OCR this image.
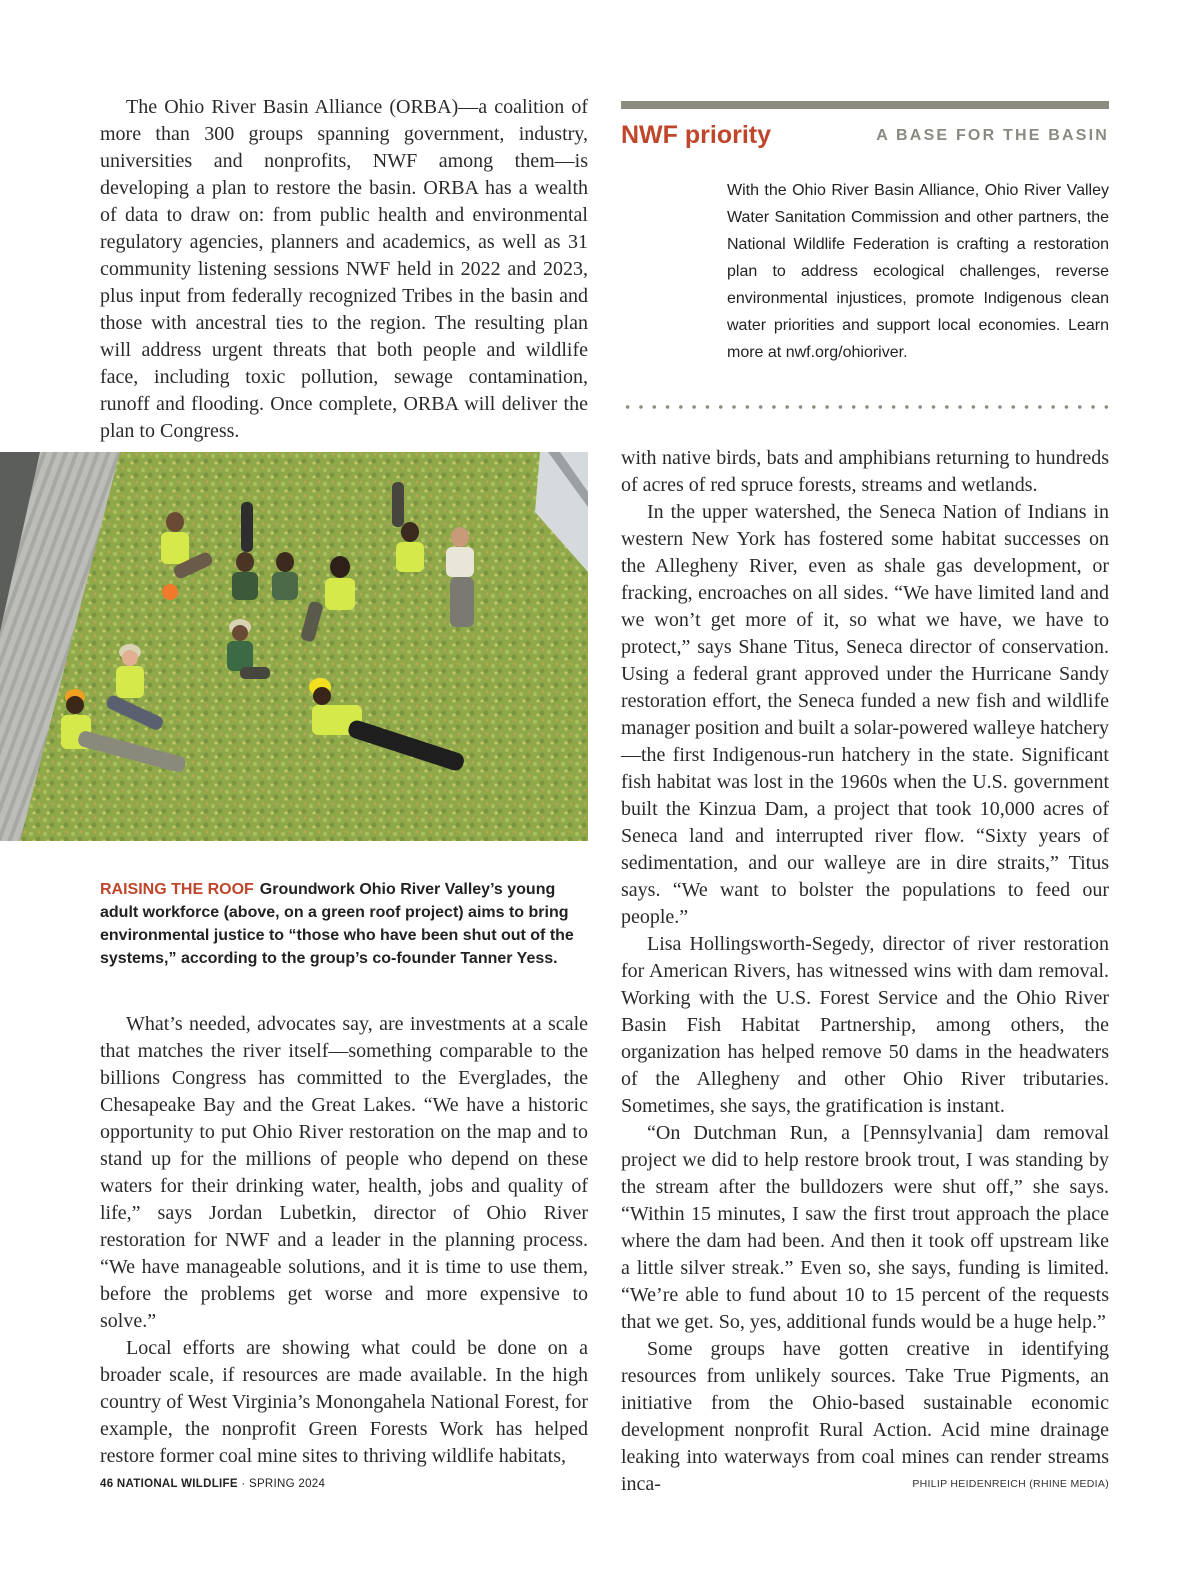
The Ohio River Basin Alliance (ORBA)—a coalition of more than 300 groups spanning government, industry, universities and nonprofits, NWF among them—is developing a plan to restore the basin. ORBA has a wealth of data to draw on: from public health and environmental regulatory agencies, planners and academics, as well as 31 community listening sessions NWF held in 2022 and 2023, plus input from federally recognized Tribes in the basin and those with ancestral ties to the region. The resulting plan will address urgent threats that both people and wildlife face, including toxic pollution, sewage contamination, runoff and flooding. Once complete, ORBA will deliver the plan to Congress.

NWF priority	A BASE FOR THE BASIN
With the Ohio River Basin Alliance, Ohio River Valley Water Sanitation Commission and other partners, the National Wildlife Federation is crafting a restoration plan to address ecological challenges, reverse environmental injustices, promote Indigenous clean water priorities and support local economies. Learn more at nwf.org/ohioriver.
RAISING THE ROOF Groundwork Ohio River Valley’s young adult workforce (above, on a green roof project) aims to bring environmental justice to “those who have been shut out of the systems,” according to the group’s co-founder Tanner Yess.

What’s needed, advocates say, are investments at a scale that matches the river itself—something comparable to the billions Congress has committed to the Everglades, the Chesapeake Bay and the Great Lakes. “We have a historic opportunity to put Ohio River restoration on the map and to stand up for the millions of people who depend on these waters for their drinking water, health, jobs and quality of life,” says Jordan Lubetkin, director of Ohio River restoration for NWF and a leader in the planning process. “We have manageable solutions, and it is time to use them, before the problems get worse and more expensive to solve.”

Local efforts are showing what could be done on a broader scale, if resources are made available. In the high country of West Virginia’s Monongahela National Forest, for example, the nonprofit Green Forests Work has helped restore former coal mine sites to thriving wildlife habitats,

with native birds, bats and amphibians returning to hundreds of acres of red spruce forests, streams and wetlands.

In the upper watershed, the Seneca Nation of Indians in western New York has fostered some habitat successes on the Allegheny River, even as shale gas development, or fracking, encroaches on all sides. “We have limited land and we won’t get more of it, so what we have, we have to protect,” says Shane Titus, Seneca director of conservation. Using a federal grant approved under the Hurricane Sandy restoration effort, the Seneca funded a new fish and wildlife manager position and built a solar-powered walleye hatchery—the first Indigenous-run hatchery in the state. Significant fish habitat was lost in the 1960s when the U.S. government built the Kinzua Dam, a project that took 10,000 acres of Seneca land and interrupted river flow. “Sixty years of sedimentation, and our walleye are in dire straits,” Titus says. “We want to bolster the populations to feed our people.”

Lisa Hollingsworth-Segedy, director of river restoration for American Rivers, has witnessed wins with dam removal. Working with the U.S. Forest Service and the Ohio River Basin Fish Habitat Partnership, among others, the organization has helped remove 50 dams in the headwaters of the Allegheny and other Ohio River tributaries. Sometimes, she says, the gratification is instant.

“On Dutchman Run, a [Pennsylvania] dam removal project we did to help restore brook trout, I was standing by the stream after the bulldozers were shut off,” she says. “Within 15 minutes, I saw the first trout approach the place where the dam had been. And then it took off upstream like a little silver streak.” Even so, she says, funding is limited. “We’re able to fund about 10 to 15 percent of the requests that we get. So, yes, additional funds would be a huge help.”

Some groups have gotten creative in identifying resources from unlikely sources. Take True Pigments, an initiative from the Ohio-based sustainable economic development nonprofit Rural Action. Acid mine drainage leaking into waterways from coal mines can render streams inca-

46 NATIONAL WILDLIFE · SPRING 2024	PHILIP HEIDENREICH (RHINE MEDIA)
